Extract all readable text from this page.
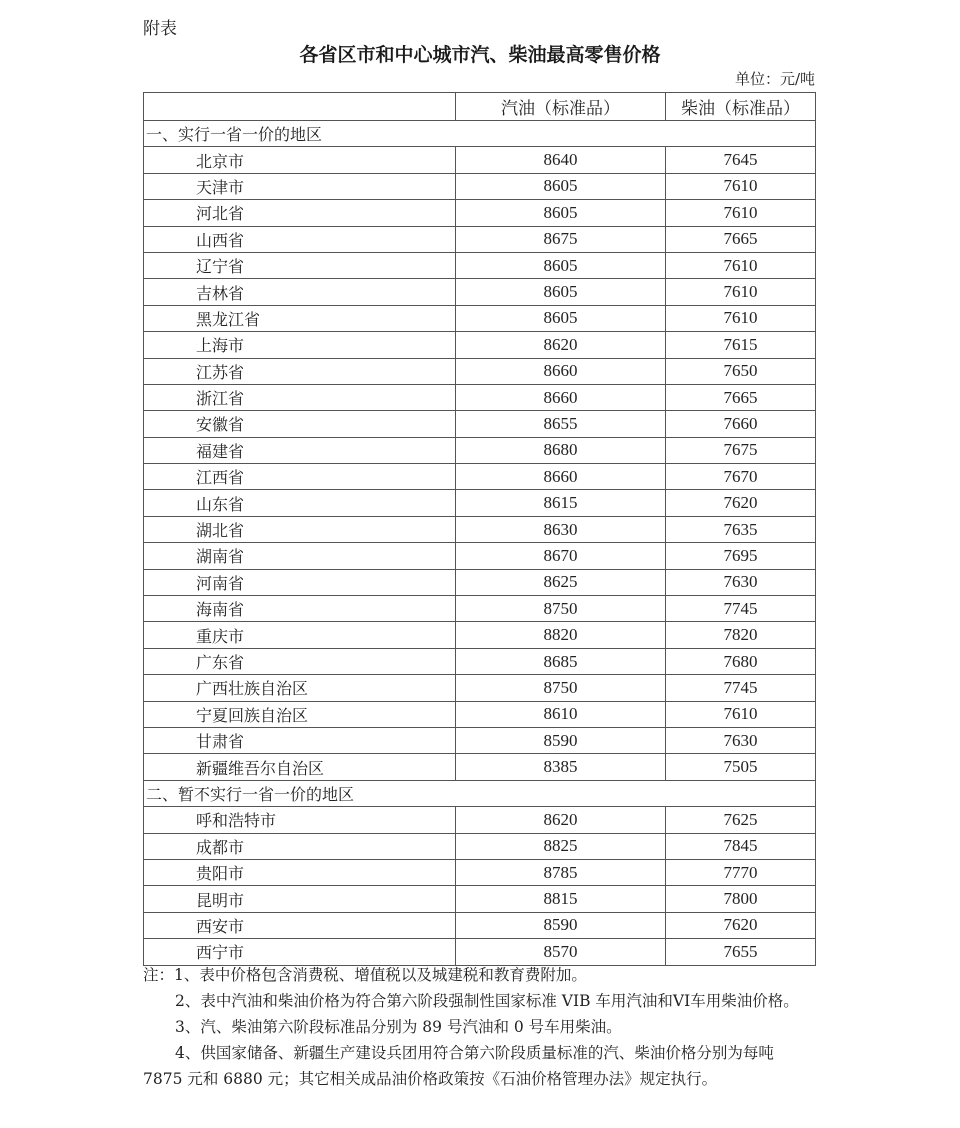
附表
各省区市和中心城市汽、柴油最高零售价格
单位：元/吨
	汽油（标准品）	柴油（标准品）
一、实行一省一价的地区		
北京市	8640	7645
天津市	8605	7610
河北省	8605	7610
山西省	8675	7665
辽宁省	8605	7610
吉林省	8605	7610
黑龙江省	8605	7610
上海市	8620	7615
江苏省	8660	7650
浙江省	8660	7665
安徽省	8655	7660
福建省	8680	7675
江西省	8660	7670
山东省	8615	7620
湖北省	8630	7635
湖南省	8670	7695
河南省	8625	7630
海南省	8750	7745
重庆市	8820	7820
广东省	8685	7680
广西壮族自治区	8750	7745
宁夏回族自治区	8610	7610
甘肃省	8590	7630
新疆维吾尔自治区	8385	7505
二、暂不实行一省一价的地区		
呼和浩特市	8620	7625
成都市	8825	7845
贵阳市	8785	7770
昆明市	8815	7800
西安市	8590	7620
西宁市	8570	7655

注：1、表中价格包含消费税、增值税以及城建税和教育费附加。

2、表中汽油和柴油价格为符合第六阶段强制性国家标准 VIB 车用汽油和VI车用柴油价格。

3、汽、柴油第六阶段标准品分别为 89 号汽油和 0 号车用柴油。

4、供国家储备、新疆生产建设兵团用符合第六阶段质量标准的汽、柴油价格分别为每吨 7875 元和 6880 元；其它相关成品油价格政策按《石油价格管理办法》规定执行。
